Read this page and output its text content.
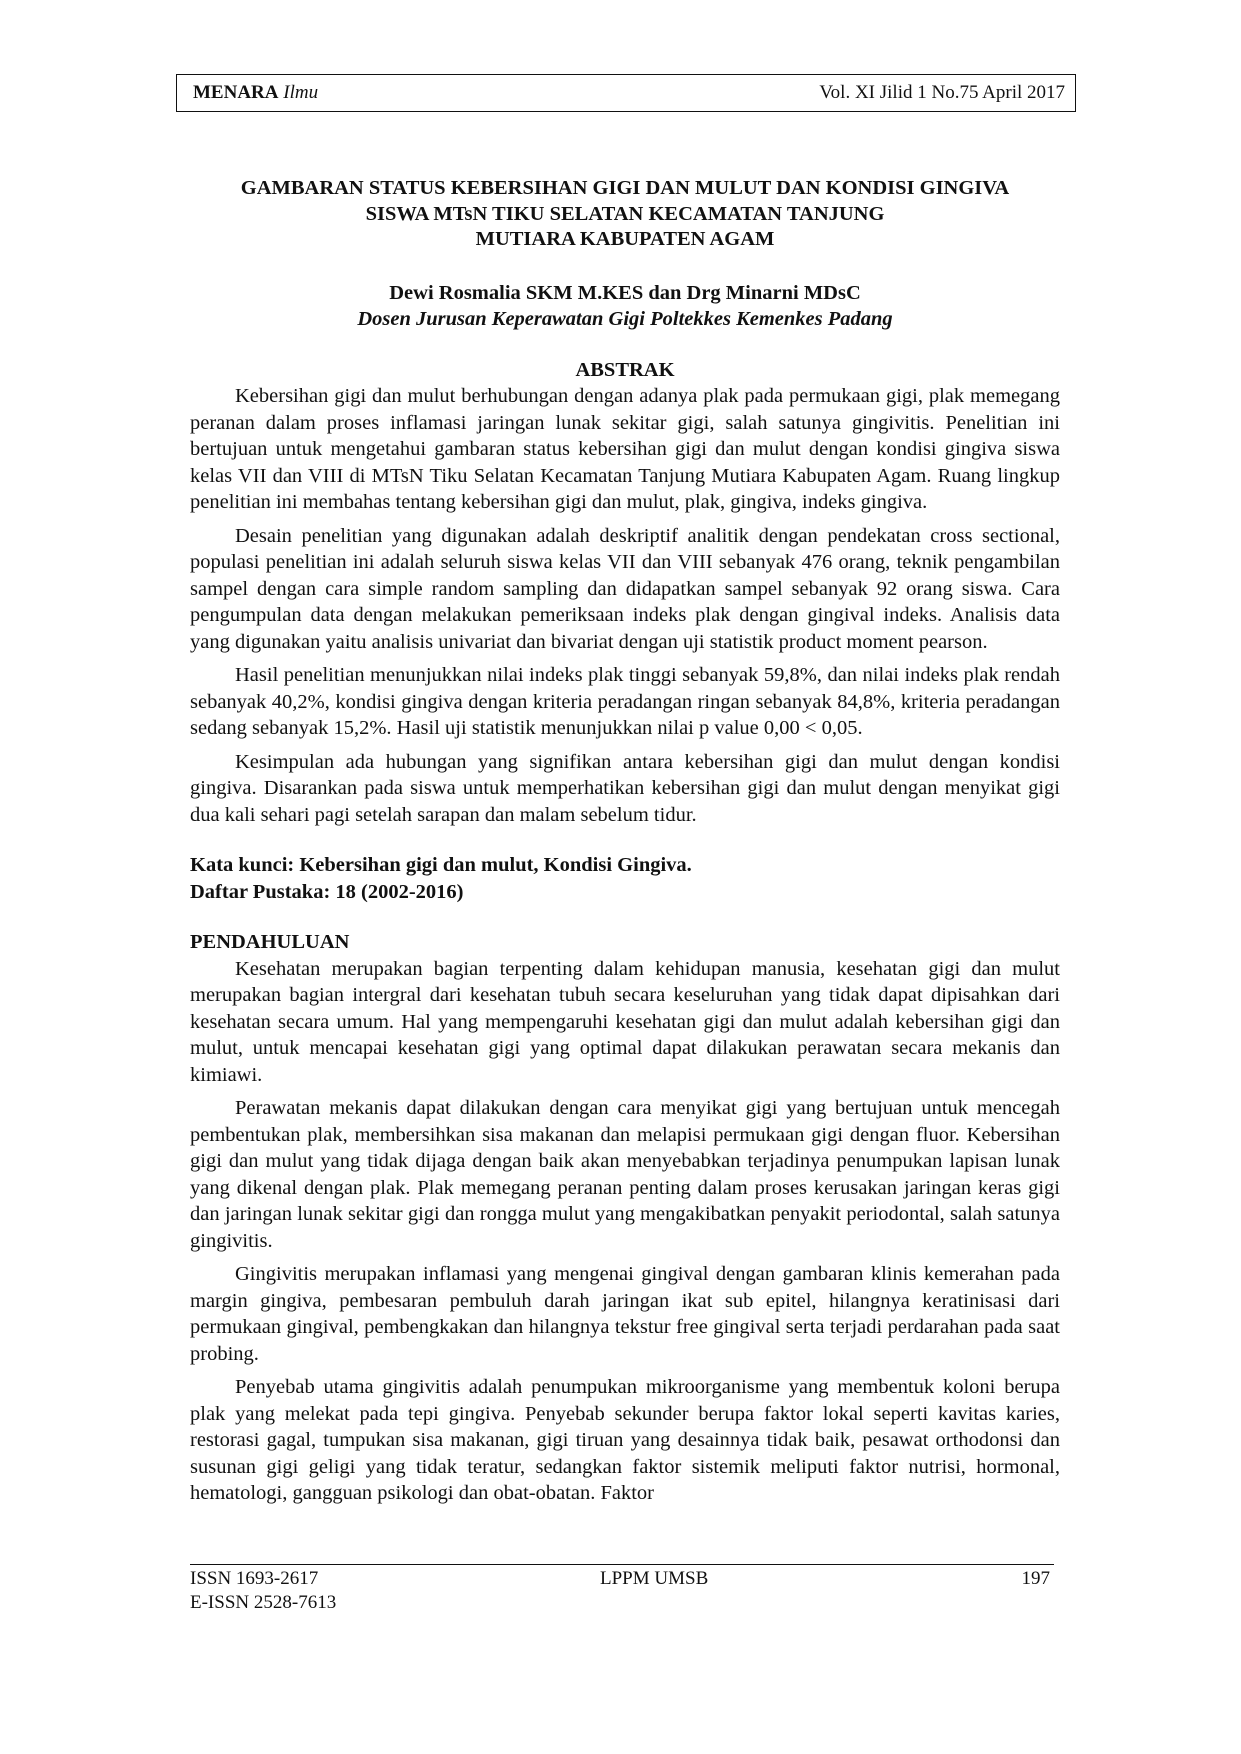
MENARA Ilmu	Vol. XI Jilid 1 No.75 April 2017
GAMBARAN STATUS KEBERSIHAN GIGI DAN MULUT DAN KONDISI GINGIVA
SISWA MTsN TIKU SELATAN KECAMATAN TANJUNG
MUTIARA KABUPATEN AGAM
Dewi Rosmalia SKM M.KES dan Drg Minarni MDsC
Dosen Jurusan Keperawatan Gigi Poltekkes Kemenkes Padang
ABSTRAK

Kebersihan gigi dan mulut berhubungan dengan adanya plak pada permukaan gigi, plak memegang peranan dalam proses inflamasi jaringan lunak sekitar gigi, salah satunya gingivitis. Penelitian ini bertujuan untuk mengetahui gambaran status kebersihan gigi dan mulut dengan kondisi gingiva siswa kelas VII dan VIII di MTsN Tiku Selatan Kecamatan Tanjung Mutiara Kabupaten Agam. Ruang lingkup penelitian ini membahas tentang kebersihan gigi dan mulut, plak, gingiva, indeks gingiva.

Desain penelitian yang digunakan adalah deskriptif analitik dengan pendekatan cross sectional, populasi penelitian ini adalah seluruh siswa kelas VII dan VIII sebanyak 476 orang, teknik pengambilan sampel dengan cara simple random sampling dan didapatkan sampel sebanyak 92 orang siswa. Cara pengumpulan data dengan melakukan pemeriksaan indeks plak dengan gingival indeks. Analisis data yang digunakan yaitu analisis univariat dan bivariat dengan uji statistik product moment pearson.

Hasil penelitian menunjukkan nilai indeks plak tinggi sebanyak 59,8%, dan nilai indeks plak rendah sebanyak 40,2%, kondisi gingiva dengan kriteria peradangan ringan sebanyak 84,8%, kriteria peradangan sedang sebanyak 15,2%. Hasil uji statistik menunjukkan nilai p value 0,00 < 0,05.

Kesimpulan ada hubungan yang signifikan antara kebersihan gigi dan mulut dengan kondisi gingiva. Disarankan pada siswa untuk memperhatikan kebersihan gigi dan mulut dengan menyikat gigi dua kali sehari pagi setelah sarapan dan malam sebelum tidur.

Kata kunci: Kebersihan gigi dan mulut, Kondisi Gingiva.
Daftar Pustaka: 18 (2002-2016)
PENDAHULUAN

Kesehatan merupakan bagian terpenting dalam kehidupan manusia, kesehatan gigi dan mulut merupakan bagian intergral dari kesehatan tubuh secara keseluruhan yang tidak dapat dipisahkan dari kesehatan secara umum. Hal yang mempengaruhi kesehatan gigi dan mulut adalah kebersihan gigi dan mulut, untuk mencapai kesehatan gigi yang optimal dapat dilakukan perawatan secara mekanis dan kimiawi.

Perawatan mekanis dapat dilakukan dengan cara menyikat gigi yang bertujuan untuk mencegah pembentukan plak, membersihkan sisa makanan dan melapisi permukaan gigi dengan fluor. Kebersihan gigi dan mulut yang tidak dijaga dengan baik akan menyebabkan terjadinya penumpukan lapisan lunak yang dikenal dengan plak. Plak memegang peranan penting dalam proses kerusakan jaringan keras gigi dan jaringan lunak sekitar gigi dan rongga mulut yang mengakibatkan penyakit periodontal, salah satunya gingivitis.

Gingivitis merupakan inflamasi yang mengenai gingival dengan gambaran klinis kemerahan pada margin gingiva, pembesaran pembuluh darah jaringan ikat sub epitel, hilangnya keratinisasi dari permukaan gingival, pembengkakan dan hilangnya tekstur free gingival serta terjadi perdarahan pada saat probing.

Penyebab utama gingivitis adalah penumpukan mikroorganisme yang membentuk koloni berupa plak yang melekat pada tepi gingiva. Penyebab sekunder berupa faktor lokal seperti kavitas karies, restorasi gagal, tumpukan sisa makanan, gigi tiruan yang desainnya tidak baik, pesawat orthodonsi dan susunan gigi geligi yang tidak teratur, sedangkan faktor sistemik meliputi faktor nutrisi, hormonal, hematologi, gangguan psikologi dan obat-obatan. Faktor

ISSN 1693-2617
E-ISSN 2528-7613
LPPM UMSB	197
